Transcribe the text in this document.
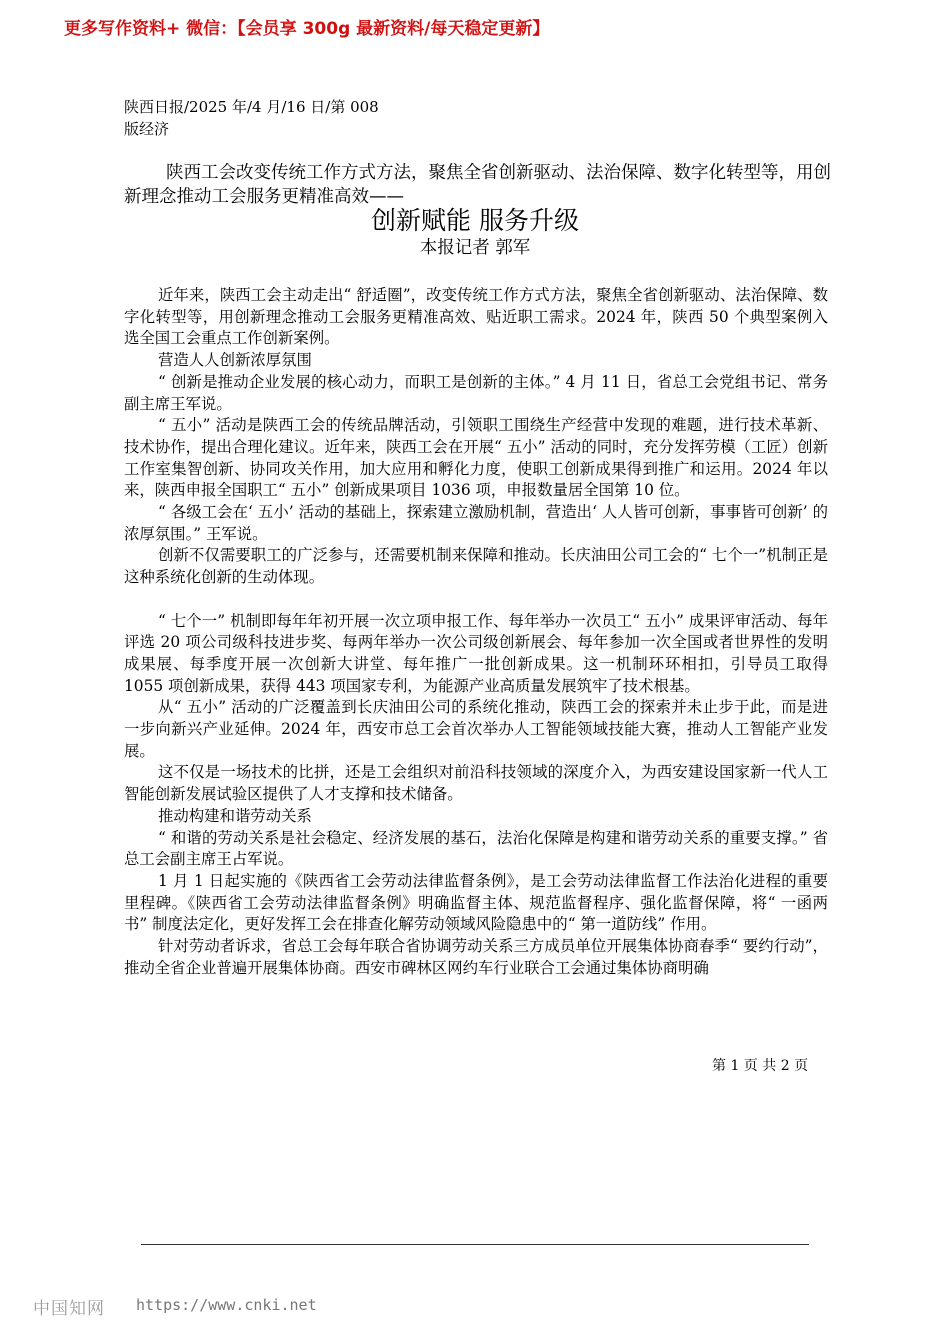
更多写作资料+ 微信：【会员享 300g 最新资料/每天稳定更新】
陕西日报/2025 年/4 月/16 日/第 008 版经济
陕西工会改变传统工作方式方法，聚焦全省创新驱动、法治保障、数字化转型等，用创新理念推动工会服务更精准高效——
创新赋能 服务升级
本报记者 郭军

近年来，陕西工会主动走出“ 舒适圈”，改变传统工作方式方法，聚焦全省创新驱动、法治保障、数字化转型等，用创新理念推动工会服务更精准高效、贴近职工需求。2024 年，陕西 50 个典型案例入选全国工会重点工作创新案例。

营造人人创新浓厚氛围

“ 创新是推动企业发展的核心动力，而职工是创新的主体。” 4 月 11 日，省总工会党组书记、常务副主席王军说。

“ 五小” 活动是陕西工会的传统品牌活动，引领职工围绕生产经营中发现的难题，进行技术革新、技术协作，提出合理化建议。近年来，陕西工会在开展“ 五小” 活动的同时，充分发挥劳模（工匠）创新工作室集智创新、协同攻关作用，加大应用和孵化力度，使职工创新成果得到推广和运用。2024 年以来，陕西申报全国职工“ 五小” 创新成果项目 1036 项，申报数量居全国第 10 位。

“ 各级工会在‘ 五小’ 活动的基础上，探索建立激励机制，营造出‘ 人人皆可创新，事事皆可创新’ 的浓厚氛围。” 王军说。

创新不仅需要职工的广泛参与，还需要机制来保障和推动。长庆油田公司工会的“ 七个一”机制正是这种系统化创新的生动体现。

“ 七个一” 机制即每年年初开展一次立项申报工作、每年举办一次员工“ 五小” 成果评审活动、每年评选 20 项公司级科技进步奖、每两年举办一次公司级创新展会、每年参加一次全国或者世界性的发明成果展、每季度开展一次创新大讲堂、每年推广一批创新成果。这一机制环环相扣，引导员工取得 1055 项创新成果，获得 443 项国家专利，为能源产业高质量发展筑牢了技术根基。

从“ 五小” 活动的广泛覆盖到长庆油田公司的系统化推动，陕西工会的探索并未止步于此，而是进一步向新兴产业延伸。2024 年，西安市总工会首次举办人工智能领域技能大赛，推动人工智能产业发展。

这不仅是一场技术的比拼，还是工会组织对前沿科技领域的深度介入，为西安建设国家新一代人工智能创新发展试验区提供了人才支撑和技术储备。

推动构建和谐劳动关系

“ 和谐的劳动关系是社会稳定、经济发展的基石，法治化保障是构建和谐劳动关系的重要支撑。” 省总工会副主席王占军说。

1 月 1 日起实施的《陕西省工会劳动法律监督条例》，是工会劳动法律监督工作法治化进程的重要里程碑。《陕西省工会劳动法律监督条例》明确监督主体、规范监督程序、强化监督保障，将“ 一函两书” 制度法定化，更好发挥工会在排查化解劳动领域风险隐患中的“ 第一道防线” 作用。

针对劳动者诉求，省总工会每年联合省协调劳动关系三方成员单位开展集体协商春季“ 要约行动”，推动全省企业普遍开展集体协商。西安市碑林区网约车行业联合工会通过集体协商明确

第 1 页 共 2 页
中国知网 https://www.cnki.net
